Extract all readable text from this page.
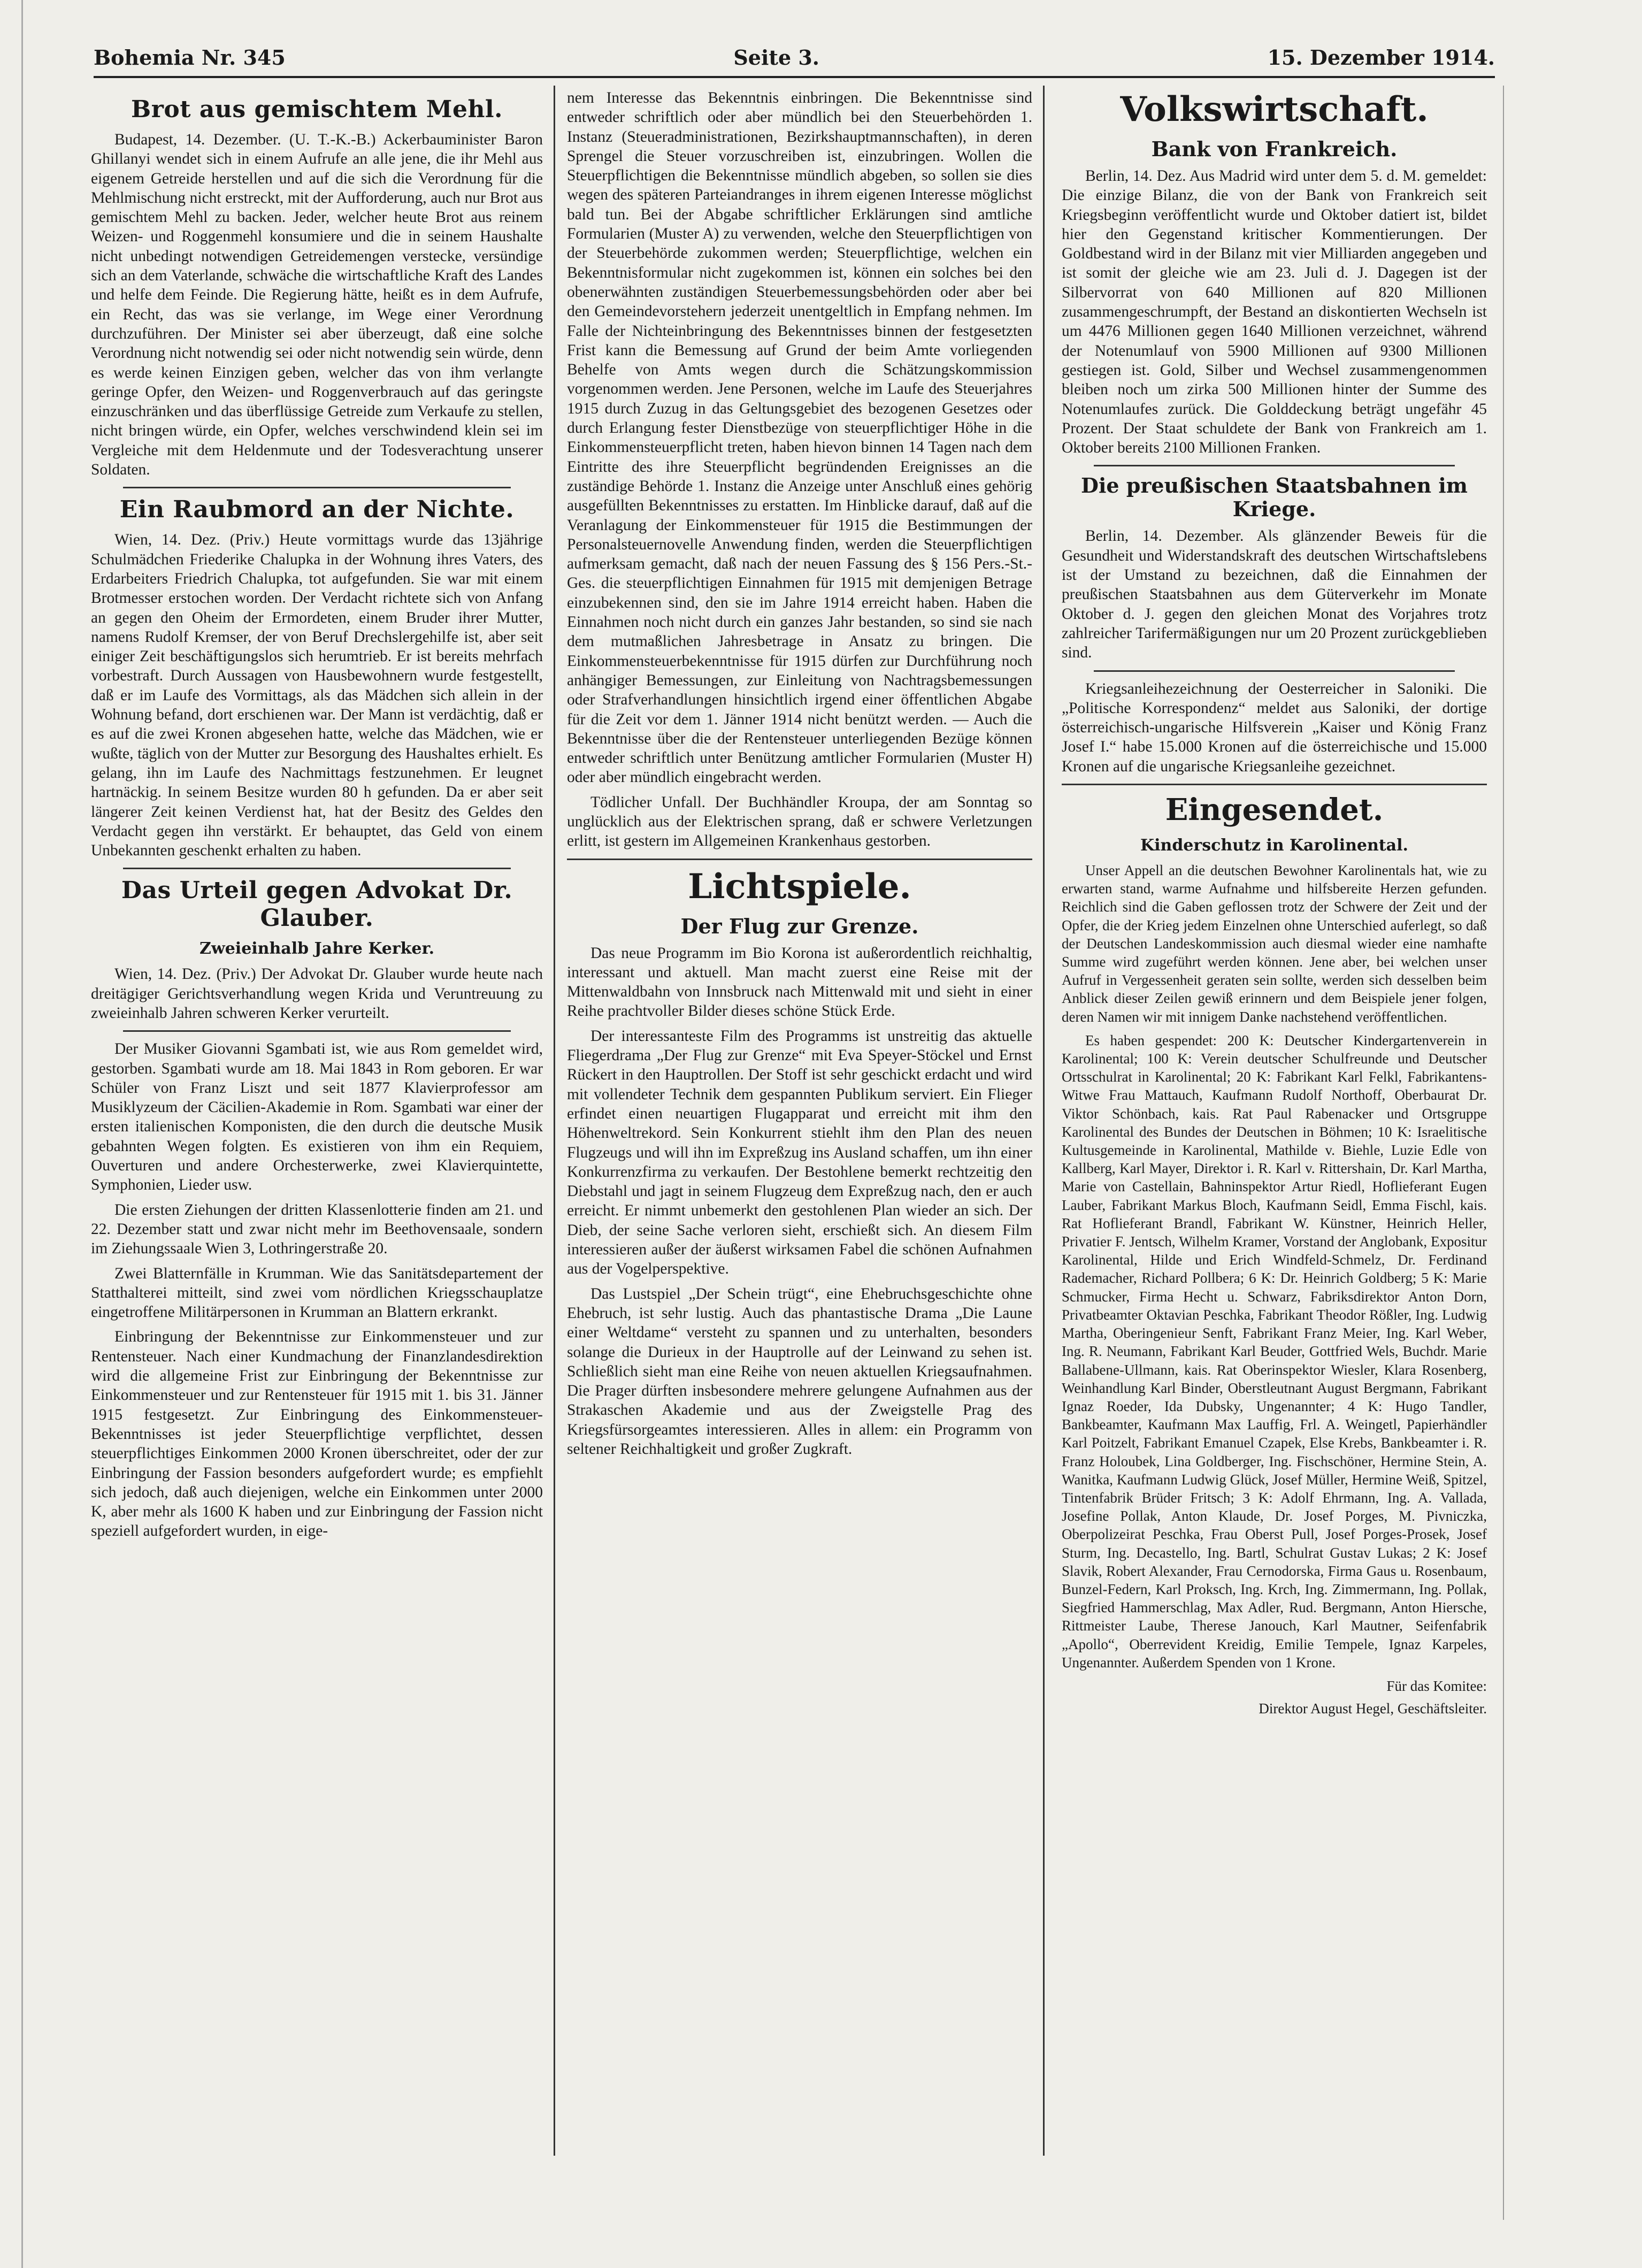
Bohemia Nr. 345	Seite 3.	15. Dezember 1914.
Brot aus gemischtem Mehl.

Budapest, 14. Dezember. (U. T.-K.-B.) Ackerbauminister Baron Ghillanyi wendet sich in einem Aufrufe an alle jene, die ihr Mehl aus eigenem Getreide herstellen und auf die sich die Verordnung für die Mehlmischung nicht erstreckt, mit der Aufforderung, auch nur Brot aus gemischtem Mehl zu backen. Jeder, welcher heute Brot aus reinem Weizen- und Roggenmehl konsumiere und die in seinem Haushalte nicht unbedingt notwendigen Getreidemengen verstecke, versündige sich an dem Vaterlande, schwäche die wirtschaftliche Kraft des Landes und helfe dem Feinde. Die Regierung hätte, heißt es in dem Aufrufe, ein Recht, das was sie verlange, im Wege einer Verordnung durchzuführen. Der Minister sei aber überzeugt, daß eine solche Verordnung nicht notwendig sei oder nicht notwendig sein würde, denn es werde keinen Einzigen geben, welcher das von ihm verlangte geringe Opfer, den Weizen- und Roggenverbrauch auf das geringste einzuschränken und das überflüssige Getreide zum Verkaufe zu stellen, nicht bringen würde, ein Opfer, welches verschwindend klein sei im Vergleiche mit dem Heldenmute und der Todesverachtung unserer Soldaten.

Ein Raubmord an der Nichte.

Wien, 14. Dez. (Priv.) Heute vormittags wurde das 13jährige Schulmädchen Friederike Chalupka in der Wohnung ihres Vaters, des Erdarbeiters Friedrich Chalupka, tot aufgefunden. Sie war mit einem Brotmesser erstochen worden. Der Verdacht richtete sich von Anfang an gegen den Oheim der Ermordeten, einem Bruder ihrer Mutter, namens Rudolf Kremser, der von Beruf Drechslergehilfe ist, aber seit einiger Zeit beschäftigungslos sich herumtrieb. Er ist bereits mehrfach vorbestraft. Durch Aussagen von Hausbewohnern wurde festgestellt, daß er im Laufe des Vormittags, als das Mädchen sich allein in der Wohnung befand, dort erschienen war. Der Mann ist verdächtig, daß er es auf die zwei Kronen abgesehen hatte, welche das Mädchen, wie er wußte, täglich von der Mutter zur Besorgung des Haushaltes erhielt. Es gelang, ihn im Laufe des Nachmittags festzunehmen. Er leugnet hartnäckig. In seinem Besitze wurden 80 h gefunden. Da er aber seit längerer Zeit keinen Verdienst hat, hat der Besitz des Geldes den Verdacht gegen ihn verstärkt. Er behauptet, das Geld von einem Unbekannten geschenkt erhalten zu haben.

Das Urteil gegen Advokat Dr. Glauber.
Zweieinhalb Jahre Kerker.

Wien, 14. Dez. (Priv.) Der Advokat Dr. Glauber wurde heute nach dreitägiger Gerichtsverhandlung wegen Krida und Veruntreuung zu zweieinhalb Jahren schweren Kerker verurteilt.

Der Musiker Giovanni Sgambati ist, wie aus Rom gemeldet wird, gestorben. Sgambati wurde am 18. Mai 1843 in Rom geboren. Er war Schüler von Franz Liszt und seit 1877 Klavierprofessor am Musiklyzeum der Cäcilien-Akademie in Rom. Sgambati war einer der ersten italienischen Komponisten, die den durch die deutsche Musik gebahnten Wegen folgten. Es existieren von ihm ein Requiem, Ouverturen und andere Orchesterwerke, zwei Klavierquintette, Symphonien, Lieder usw.

Die ersten Ziehungen der dritten Klassenlotterie finden am 21. und 22. Dezember statt und zwar nicht mehr im Beethovensaale, sondern im Ziehungssaale Wien 3, Lothringerstraße 20.

Zwei Blatternfälle in Krumman. Wie das Sanitätsdepartement der Statthalterei mitteilt, sind zwei vom nördlichen Kriegsschauplatze eingetroffene Militärpersonen in Krumman an Blattern erkrankt.

Einbringung der Bekenntnisse zur Einkommensteuer und zur Rentensteuer. Nach einer Kundmachung der Finanzlandesdirektion wird die allgemeine Frist zur Einbringung der Bekenntnisse zur Einkommensteuer und zur Rentensteuer für 1915 mit 1. bis 31. Jänner 1915 festgesetzt. Zur Einbringung des Einkommensteuer-Bekenntnisses ist jeder Steuerpflichtige verpflichtet, dessen steuerpflichtiges Einkommen 2000 Kronen überschreitet, oder der zur Einbringung der Fassion besonders aufgefordert wurde; es empfiehlt sich jedoch, daß auch diejenigen, welche ein Einkommen unter 2000 K, aber mehr als 1600 K haben und zur Einbringung der Fassion nicht speziell aufgefordert wurden, in eige-

nem Interesse das Bekenntnis einbringen. Die Bekenntnisse sind entweder schriftlich oder aber mündlich bei den Steuerbehörden 1. Instanz (Steueradministrationen, Bezirkshauptmannschaften), in deren Sprengel die Steuer vorzuschreiben ist, einzubringen. Wollen die Steuerpflichtigen die Bekenntnisse mündlich abgeben, so sollen sie dies wegen des späteren Parteiandranges in ihrem eigenen Interesse möglichst bald tun. Bei der Abgabe schriftlicher Erklärungen sind amtliche Formularien (Muster A) zu verwenden, welche den Steuerpflichtigen von der Steuerbehörde zukommen werden; Steuerpflichtige, welchen ein Bekenntnisformular nicht zugekommen ist, können ein solches bei den obenerwähnten zuständigen Steuerbemessungsbehörden oder aber bei den Gemeindevorstehern jederzeit unentgeltlich in Empfang nehmen. Im Falle der Nichteinbringung des Bekenntnisses binnen der festgesetzten Frist kann die Bemessung auf Grund der beim Amte vorliegenden Behelfe von Amts wegen durch die Schätzungskommission vorgenommen werden. Jene Personen, welche im Laufe des Steuerjahres 1915 durch Zuzug in das Geltungsgebiet des bezogenen Gesetzes oder durch Erlangung fester Dienstbezüge von steuerpflichtiger Höhe in die Einkommensteuerpflicht treten, haben hievon binnen 14 Tagen nach dem Eintritte des ihre Steuerpflicht begründenden Ereignisses an die zuständige Behörde 1. Instanz die Anzeige unter Anschluß eines gehörig ausgefüllten Bekenntnisses zu erstatten. Im Hinblicke darauf, daß auf die Veranlagung der Einkommensteuer für 1915 die Bestimmungen der Personalsteuernovelle Anwendung finden, werden die Steuerpflichtigen aufmerksam gemacht, daß nach der neuen Fassung des § 156 Pers.-St.-Ges. die steuerpflichtigen Einnahmen für 1915 mit demjenigen Betrage einzubekennen sind, den sie im Jahre 1914 erreicht haben. Haben die Einnahmen noch nicht durch ein ganzes Jahr bestanden, so sind sie nach dem mutmaßlichen Jahresbetrage in Ansatz zu bringen. Die Einkommensteuerbekenntnisse für 1915 dürfen zur Durchführung noch anhängiger Bemessungen, zur Einleitung von Nachtragsbemessungen oder Strafverhandlungen hinsichtlich irgend einer öffentlichen Abgabe für die Zeit vor dem 1. Jänner 1914 nicht benützt werden. — Auch die Bekenntnisse über die der Rentensteuer unterliegenden Bezüge können entweder schriftlich unter Benützung amtlicher Formularien (Muster H) oder aber mündlich eingebracht werden.

Tödlicher Unfall. Der Buchhändler Kroupa, der am Sonntag so unglücklich aus der Elektrischen sprang, daß er schwere Verletzungen erlitt, ist gestern im Allgemeinen Krankenhaus gestorben.

Lichtspiele.
Der Flug zur Grenze.

Das neue Programm im Bio Korona ist außerordentlich reichhaltig, interessant und aktuell. Man macht zuerst eine Reise mit der Mittenwaldbahn von Innsbruck nach Mittenwald mit und sieht in einer Reihe prachtvoller Bilder dieses schöne Stück Erde.

Der interessanteste Film des Programms ist unstreitig das aktuelle Fliegerdrama „Der Flug zur Grenze“ mit Eva Speyer-Stöckel und Ernst Rückert in den Hauptrollen. Der Stoff ist sehr geschickt erdacht und wird mit vollendeter Technik dem gespannten Publikum serviert. Ein Flieger erfindet einen neuartigen Flugapparat und erreicht mit ihm den Höhenweltrekord. Sein Konkurrent stiehlt ihm den Plan des neuen Flugzeugs und will ihn im Expreßzug ins Ausland schaffen, um ihn einer Konkurrenzfirma zu verkaufen. Der Bestohlene bemerkt rechtzeitig den Diebstahl und jagt in seinem Flugzeug dem Expreßzug nach, den er auch erreicht. Er nimmt unbemerkt den gestohlenen Plan wieder an sich. Der Dieb, der seine Sache verloren sieht, erschießt sich. An diesem Film interessieren außer der äußerst wirksamen Fabel die schönen Aufnahmen aus der Vogelperspektive.

Das Lustspiel „Der Schein trügt“, eine Ehebruchsgeschichte ohne Ehebruch, ist sehr lustig. Auch das phantastische Drama „Die Laune einer Weltdame“ versteht zu spannen und zu unterhalten, besonders solange die Durieux in der Hauptrolle auf der Leinwand zu sehen ist. Schließlich sieht man eine Reihe von neuen aktuellen Kriegsaufnahmen. Die Prager dürften insbesondere mehrere gelungene Aufnahmen aus der Strakaschen Akademie und aus der Zweigstelle Prag des Kriegsfürsorgeamtes interessieren. Alles in allem: ein Programm von seltener Reichhaltigkeit und großer Zugkraft.

Volkswirtschaft.
Bank von Frankreich.

Berlin, 14. Dez. Aus Madrid wird unter dem 5. d. M. gemeldet: Die einzige Bilanz, die von der Bank von Frankreich seit Kriegsbeginn veröffentlicht wurde und Oktober datiert ist, bildet hier den Gegenstand kritischer Kommentierungen. Der Goldbestand wird in der Bilanz mit vier Milliarden angegeben und ist somit der gleiche wie am 23. Juli d. J. Dagegen ist der Silbervorrat von 640 Millionen auf 820 Millionen zusammengeschrumpft, der Bestand an diskontierten Wechseln ist um 4476 Millionen gegen 1640 Millionen verzeichnet, während der Notenumlauf von 5900 Millionen auf 9300 Millionen gestiegen ist. Gold, Silber und Wechsel zusammengenommen bleiben noch um zirka 500 Millionen hinter der Summe des Notenumlaufes zurück. Die Golddeckung beträgt ungefähr 45 Prozent. Der Staat schuldete der Bank von Frankreich am 1. Oktober bereits 2100 Millionen Franken.

Die preußischen Staatsbahnen im Kriege.

Berlin, 14. Dezember. Als glänzender Beweis für die Gesundheit und Widerstandskraft des deutschen Wirtschaftslebens ist der Umstand zu bezeichnen, daß die Einnahmen der preußischen Staatsbahnen aus dem Güterverkehr im Monate Oktober d. J. gegen den gleichen Monat des Vorjahres trotz zahlreicher Tarifermäßigungen nur um 20 Prozent zurückgeblieben sind.

Kriegsanleihezeichnung der Oesterreicher in Saloniki. Die „Politische Korrespondenz“ meldet aus Saloniki, der dortige österreichisch-ungarische Hilfsverein „Kaiser und König Franz Josef I.“ habe 15.000 Kronen auf die österreichische und 15.000 Kronen auf die ungarische Kriegsanleihe gezeichnet.

Eingesendet.
Kinderschutz in Karolinental.

Unser Appell an die deutschen Bewohner Karolinentals hat, wie zu erwarten stand, warme Aufnahme und hilfsbereite Herzen gefunden. Reichlich sind die Gaben geflossen trotz der Schwere der Zeit und der Opfer, die der Krieg jedem Einzelnen ohne Unterschied auferlegt, so daß der Deutschen Landeskommission auch diesmal wieder eine namhafte Summe wird zugeführt werden können. Jene aber, bei welchen unser Aufruf in Vergessenheit geraten sein sollte, werden sich desselben beim Anblick dieser Zeilen gewiß erinnern und dem Beispiele jener folgen, deren Namen wir mit innigem Danke nachstehend veröffentlichen.

Es haben gespendet: 200 K: Deutscher Kindergartenverein in Karolinental; 100 K: Verein deutscher Schulfreunde und Deutscher Ortsschulrat in Karolinental; 20 K: Fabrikant Karl Felkl, Fabrikantens-Witwe Frau Mattauch, Kaufmann Rudolf Northoff, Oberbaurat Dr. Viktor Schönbach, kais. Rat Paul Rabenacker und Ortsgruppe Karolinental des Bundes der Deutschen in Böhmen; 10 K: Israelitische Kultusgemeinde in Karolinental, Mathilde v. Biehle, Luzie Edle von Kallberg, Karl Mayer, Direktor i. R. Karl v. Rittershain, Dr. Karl Martha, Marie von Castellain, Bahninspektor Artur Riedl, Hoflieferant Eugen Lauber, Fabrikant Markus Bloch, Kaufmann Seidl, Emma Fischl, kais. Rat Hoflieferant Brandl, Fabrikant W. Künstner, Heinrich Heller, Privatier F. Jentsch, Wilhelm Kramer, Vorstand der Anglobank, Expositur Karolinental, Hilde und Erich Windfeld-Schmelz, Dr. Ferdinand Rademacher, Richard Pollbera; 6 K: Dr. Heinrich Goldberg; 5 K: Marie Schmucker, Firma Hecht u. Schwarz, Fabriksdirektor Anton Dorn, Privatbeamter Oktavian Peschka, Fabrikant Theodor Rößler, Ing. Ludwig Martha, Oberingenieur Senft, Fabrikant Franz Meier, Ing. Karl Weber, Ing. R. Neumann, Fabrikant Karl Beuder, Gottfried Wels, Buchdr. Marie Ballabene-Ullmann, kais. Rat Oberinspektor Wiesler, Klara Rosenberg, Weinhandlung Karl Binder, Oberstleutnant August Bergmann, Fabrikant Ignaz Roeder, Ida Dubsky, Ungenannter; 4 K: Hugo Tandler, Bankbeamter, Kaufmann Max Lauffig, Frl. A. Weingetl, Papierhändler Karl Poitzelt, Fabrikant Emanuel Czapek, Else Krebs, Bankbeamter i. R. Franz Holoubek, Lina Goldberger, Ing. Fischschöner, Hermine Stein, A. Wanitka, Kaufmann Ludwig Glück, Josef Müller, Hermine Weiß, Spitzel, Tintenfabrik Brüder Fritsch; 3 K: Adolf Ehrmann, Ing. A. Vallada, Josefine Pollak, Anton Klaude, Dr. Josef Porges, M. Pivniczka, Oberpolizeirat Peschka, Frau Oberst Pull, Josef Porges-Prosek, Josef Sturm, Ing. Decastello, Ing. Bartl, Schulrat Gustav Lukas; 2 K: Josef Slavik, Robert Alexander, Frau Cernodorska, Firma Gaus u. Rosenbaum, Bunzel-Federn, Karl Proksch, Ing. Krch, Ing. Zimmermann, Ing. Pollak, Siegfried Hammerschlag, Max Adler, Rud. Bergmann, Anton Hiersche, Rittmeister Laube, Therese Janouch, Karl Mautner, Seifenfabrik „Apollo“, Oberrevident Kreidig, Emilie Tempele, Ignaz Karpeles, Ungenannter. Außerdem Spenden von 1 Krone.

Für das Komitee:
Direktor August Hegel, Geschäftsleiter.
